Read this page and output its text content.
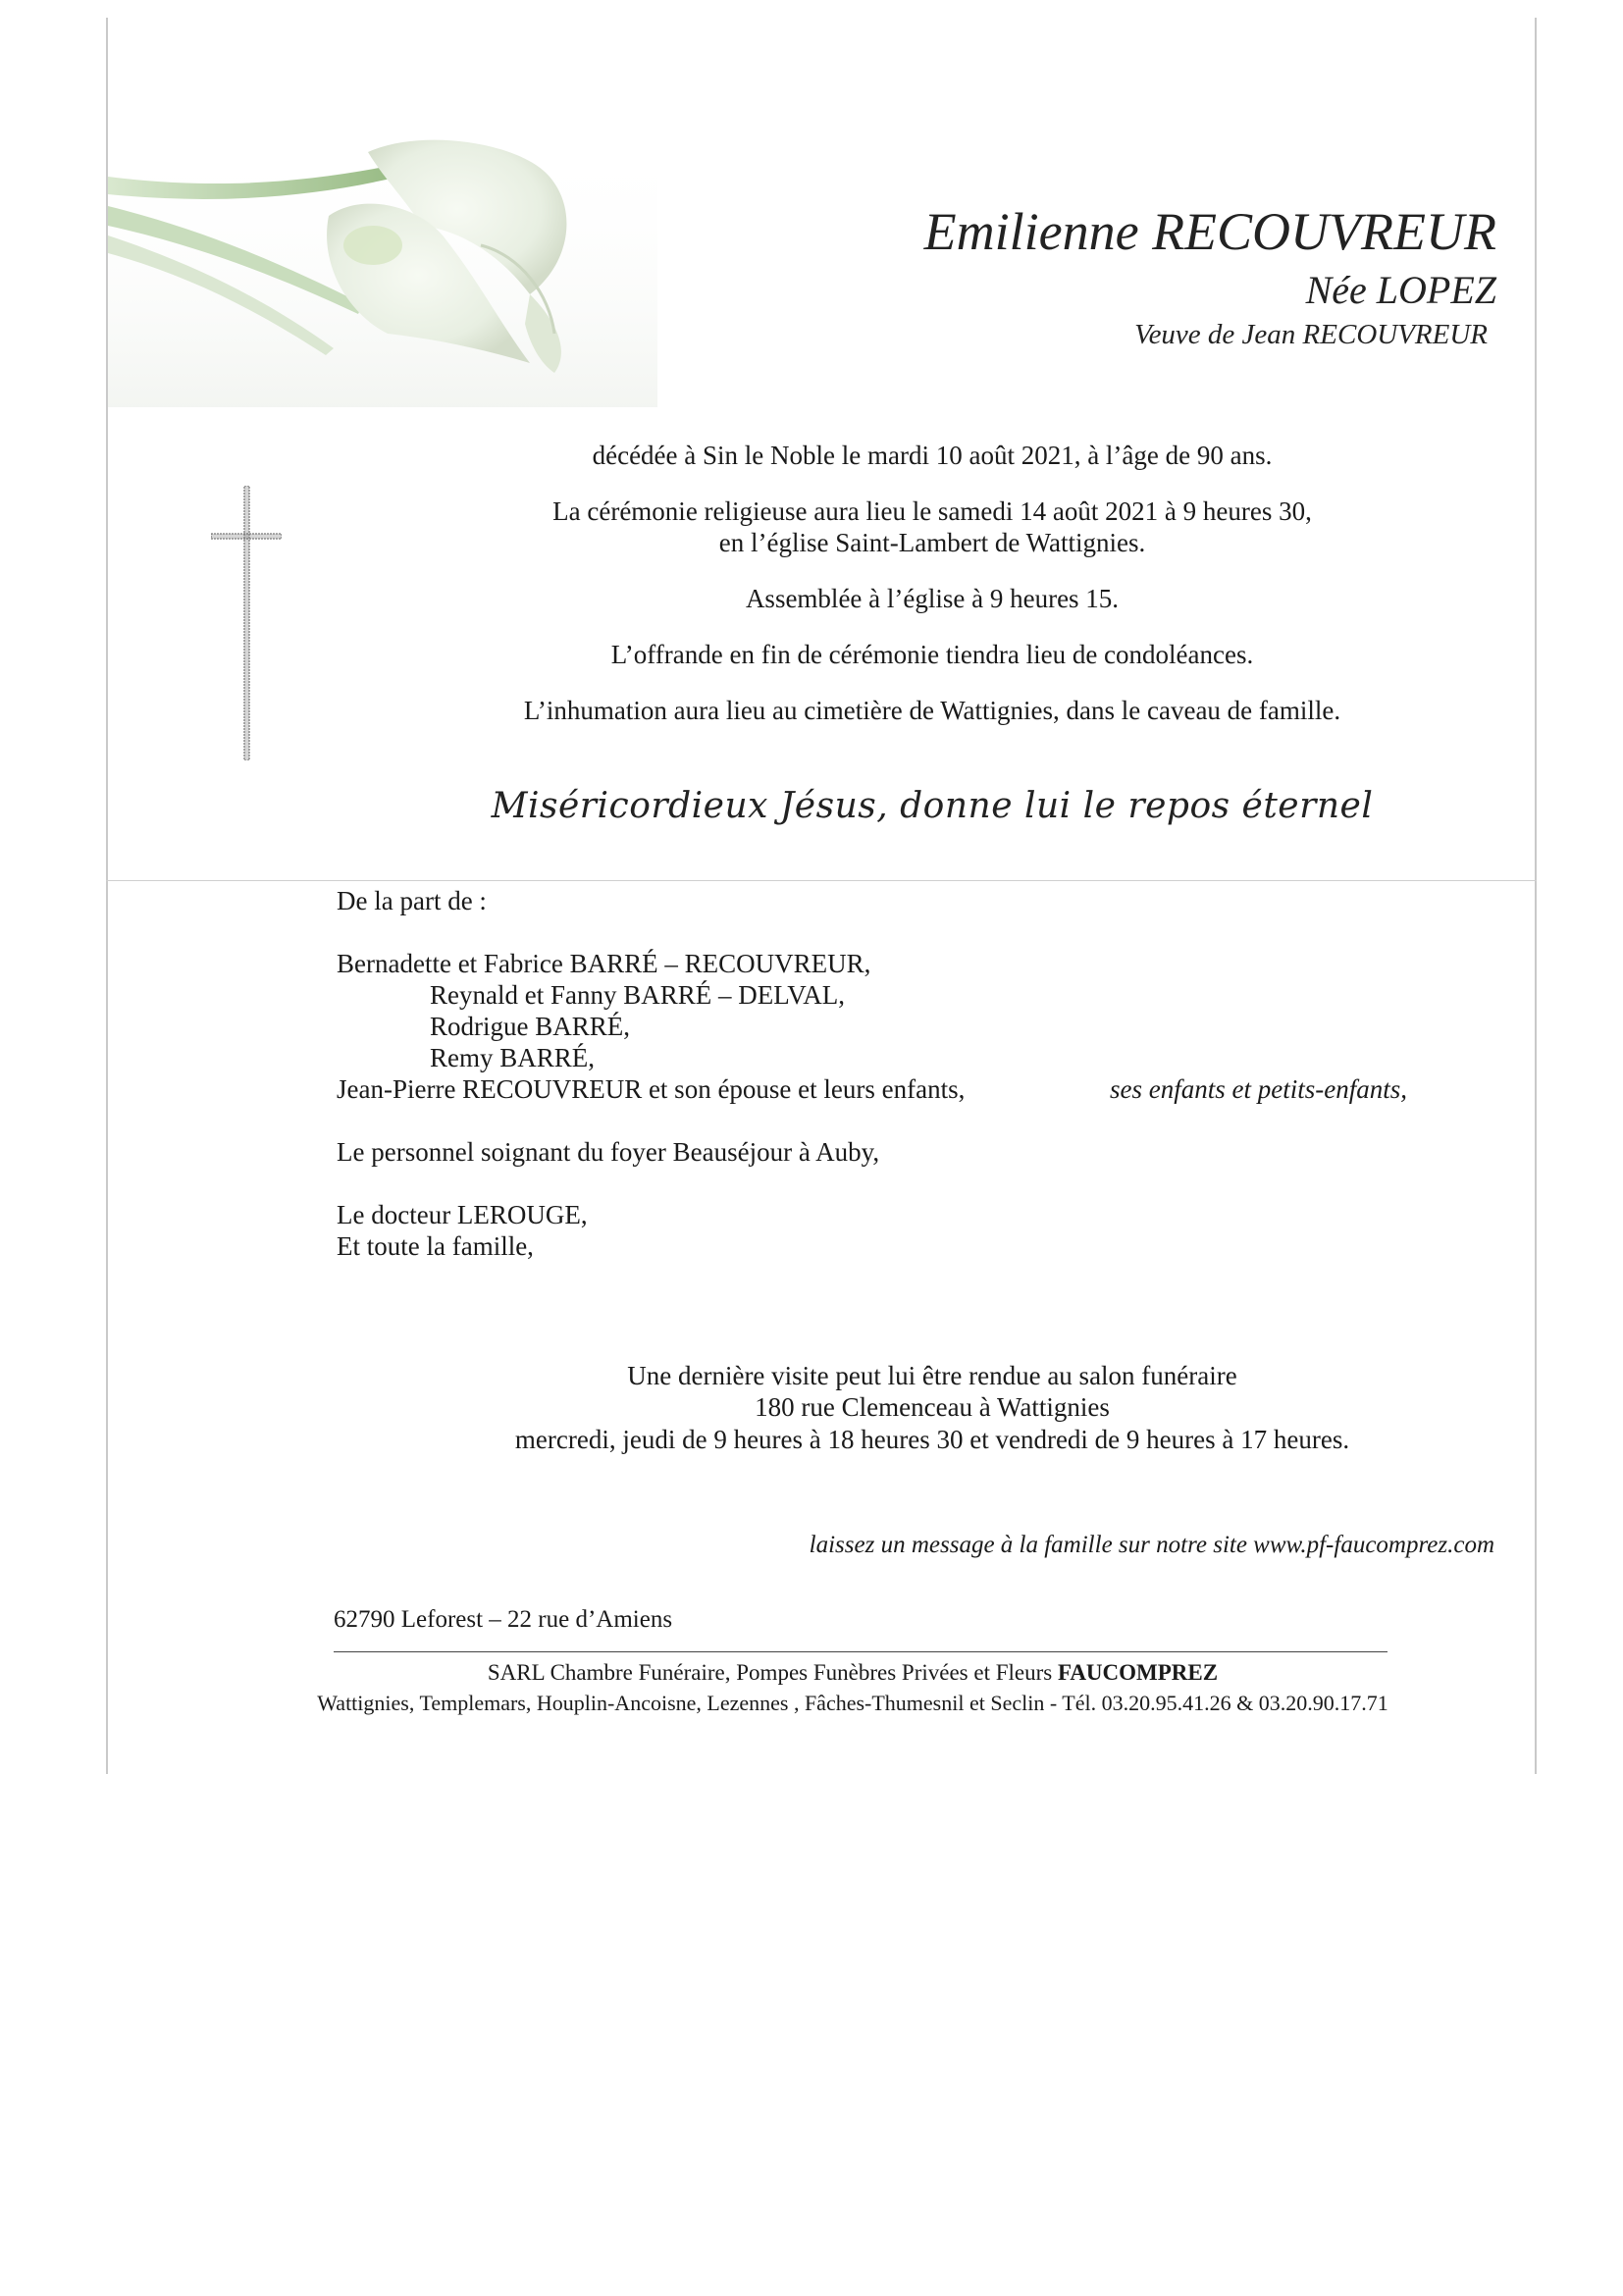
Emilienne RECOUVREUR
Née LOPEZ
Veuve de Jean RECOUVREUR
décédée à Sin le Noble le mardi 10 août 2021, à l’âge de 90 ans.
La cérémonie religieuse aura lieu le samedi 14 août 2021 à 9 heures 30,
en l’église Saint-Lambert de Wattignies.
Assemblée à l’église à 9 heures 15.
L’offrande en fin de cérémonie tiendra lieu de condoléances.
L’inhumation aura lieu au cimetière de Wattignies, dans le caveau de famille.
Miséricordieux Jésus, donne lui le repos éternel
De la part de :
Bernadette et Fabrice BARRÉ – RECOUVREUR,
Reynald et Fanny BARRÉ – DELVAL,
Rodrigue BARRÉ,
Remy BARRÉ,
Jean-Pierre RECOUVREUR et son épouse et leurs enfants,	ses enfants et petits-enfants,
Le personnel soignant du foyer Beauséjour à Auby,
Le docteur LEROUGE,
Et toute la famille,
Une dernière visite peut lui être rendue au salon funéraire
180 rue Clemenceau à Wattignies
mercredi, jeudi de 9 heures à 18 heures 30 et vendredi de 9 heures à 17 heures.
laissez un message à la famille sur notre site www.pf-faucomprez.com
62790 Leforest – 22 rue d’Amiens
SARL Chambre Funéraire, Pompes Funèbres Privées et Fleurs FAUCOMPREZ
Wattignies, Templemars, Houplin-Ancoisne, Lezennes , Fâches-Thumesnil et Seclin - Tél. 03.20.95.41.26 & 03.20.90.17.71
